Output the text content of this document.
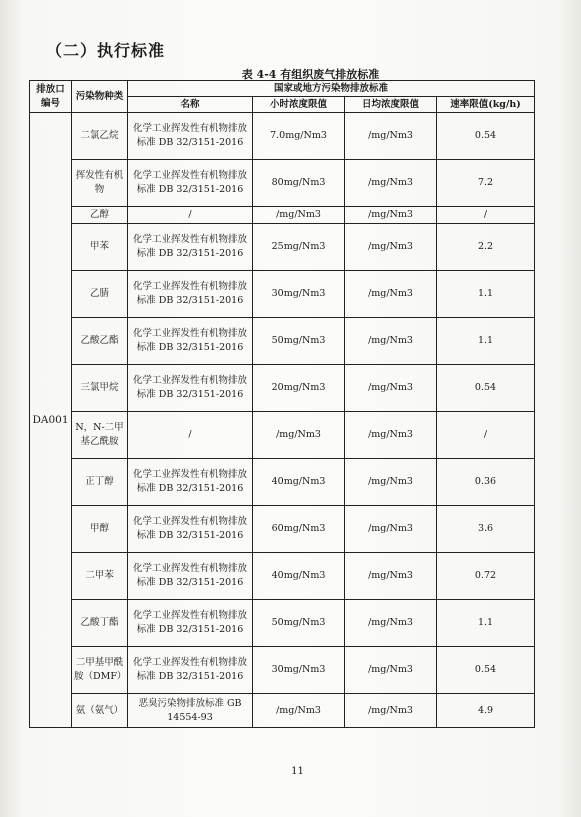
（二）执行标准
表 4-4 有组织废气排放标准
排放口编号	污染物种类	国家或地方污染物排放标准			
		名称	小时浓度限值	日均浓度限值	速率限值(kg/h)
DA001	二氯乙烷	化学工业挥发性有机物排放标准 DB 32/3151-2016	7.0mg/Nm3	/mg/Nm3	0.54
	挥发性有机物	化学工业挥发性有机物排放标准 DB 32/3151-2016	80mg/Nm3	/mg/Nm3	7.2
	乙醇	/	/mg/Nm3	/mg/Nm3	/
	甲苯	化学工业挥发性有机物排放标准 DB 32/3151-2016	25mg/Nm3	/mg/Nm3	2.2
	乙腈	化学工业挥发性有机物排放标准 DB 32/3151-2016	30mg/Nm3	/mg/Nm3	1.1
	乙酸乙酯	化学工业挥发性有机物排放标准 DB 32/3151-2016	50mg/Nm3	/mg/Nm3	1.1
	三氯甲烷	化学工业挥发性有机物排放标准 DB 32/3151-2016	20mg/Nm3	/mg/Nm3	0.54
	N，N-二甲基乙酰胺	/	/mg/Nm3	/mg/Nm3	/
	正丁醇	化学工业挥发性有机物排放标准 DB 32/3151-2016	40mg/Nm3	/mg/Nm3	0.36
	甲醇	化学工业挥发性有机物排放标准 DB 32/3151-2016	60mg/Nm3	/mg/Nm3	3.6
	二甲苯	化学工业挥发性有机物排放标准 DB 32/3151-2016	40mg/Nm3	/mg/Nm3	0.72
	乙酸丁酯	化学工业挥发性有机物排放标准 DB 32/3151-2016	50mg/Nm3	/mg/Nm3	1.1
	二甲基甲酰胺（DMF）	化学工业挥发性有机物排放标准 DB 32/3151-2016	30mg/Nm3	/mg/Nm3	0.54
	氨（氨气）	恶臭污染物排放标准 GB 14554-93	/mg/Nm3	/mg/Nm3	4.9
11
